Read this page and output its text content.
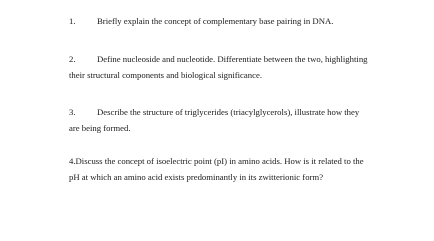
1. Briefly explain the concept of complementary base pairing in DNA.
2. Define nucleoside and nucleotide. Differentiate between the two, highlighting
their structural components and biological significance.
3. Describe the structure of triglycerides (triacylglycerols), illustrate how they
are being formed.
4.Discuss the concept of isoelectric point (pI) in amino acids. How is it related to the
pH at which an amino acid exists predominantly in its zwitterionic form?
